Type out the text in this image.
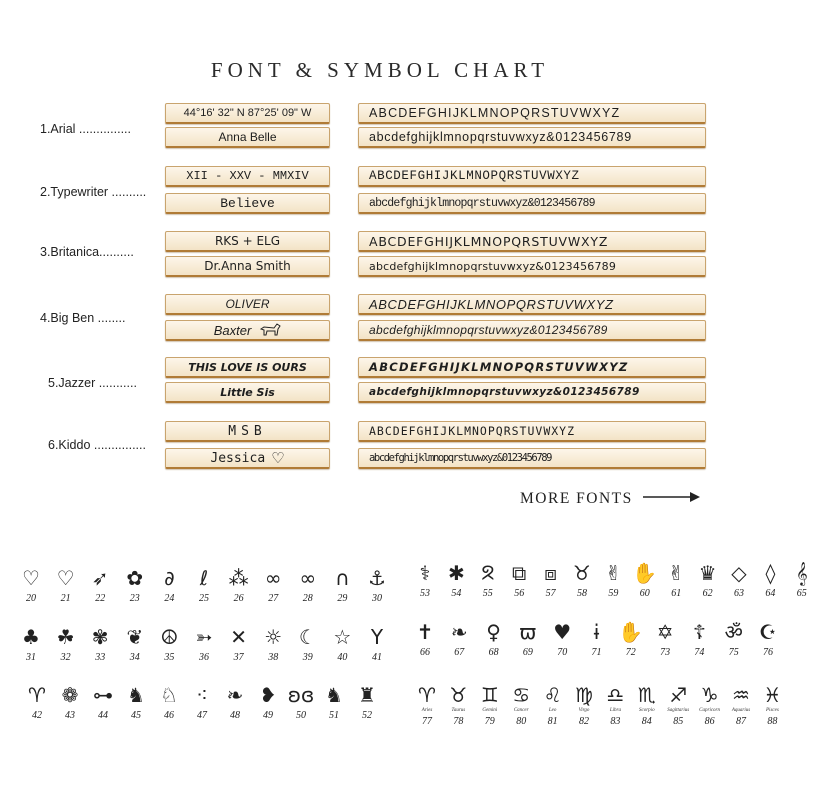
FONT & SYMBOL CHART
1.Arial ...............
44°16' 32" N 87°25' 09" W
Anna Belle
ABCDEFGHIJKLMNOPQRSTUVWXYZ
abcdefghijklmnopqrstuvwxyz&0123456789
2.Typewriter ..........
XII - XXV - MMXIV
Believe
ABCDEFGHIJKLMNOPQRSTUVWXYZ
abcdefghijklmnopqrstuvwxyz&0123456789
3.Britanica..........
RKS + ELG
Dr.Anna Smith
ABCDEFGHIJKLMNOPQRSTUVWXYZ
abcdefghijklmnopqrstuvwxyz&0123456789
4.Big Ben ........
OLIVER
Baxter
ABCDEFGHIJKLMNOPQRSTUVWXYZ
abcdefghijklmnopqrstuvwxyz&0123456789
5.Jazzer ...........
THIS LOVE IS OURS
Little Sis
ABCDEFGHIJKLMNOPQRSTUVWXYZ
abcdefghijklmnopqrstuvwxyz&0123456789
6.Kiddo ...............
MSB
Jessica ♡
ABCDEFGHIJKLMNOPQRSTUVWXYZ
abcdefghijklmnopqrstuvwxyz&0123456789
MORE FONTS
♡
20
♡
21
➶
22
✿
23
∂
24
ℓ
25
⁂
26
∞
27
∞
28
∩
29
⚓
30
♣
31
☘
32
✾
33
❦
34
☮
35
➳
36
✕
37
☼
38
☾
39
☆
40
Y
41
♈
42
❁
43
⊶
44
♞
45
♘
46
⁖
47
❧
48
❥
49
ʚɞ
50
♞
51
♜
52
⚕
53
✱
54
ᘝ
55
⧉
56
⧈
57
♉
58
✌
59
✋
60
✌
61
♛
62
◇
63
◊
64
𝄞
65
✝
66
❧
67
♀
68
ϖ
69
♥
70
ɨ
71
✋
72
✡
73
☦
74
ॐ
75
☪
76
♈
Aries
77
♉
Taurus
78
♊
Gemini
79
♋
Cancer
80
♌
Leo
81
♍
Virgo
82
♎
Libra
83
♏
Scorpio
84
♐
Sagittarius
85
♑
Capricorn
86
♒
Aquarius
87
♓
Pisces
88
